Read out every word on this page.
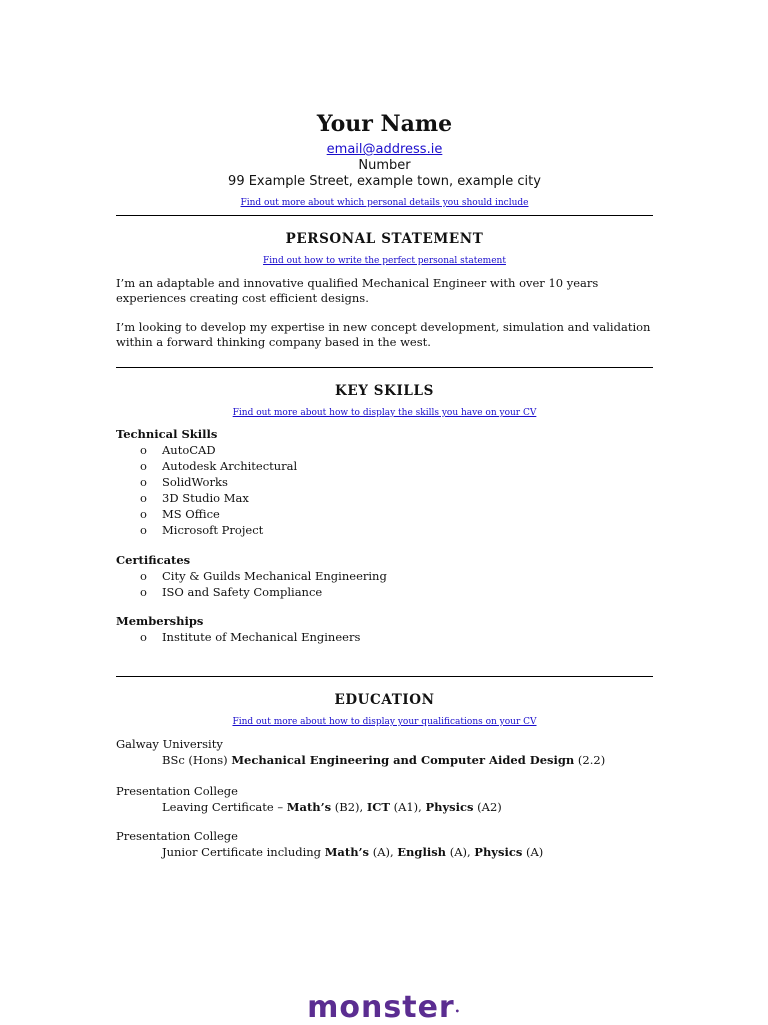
Your Name
email@address.ie
Number
99 Example Street, example town, example city
Find out more about which personal details you should include
PERSONAL STATEMENT
Find out how to write the perfect personal statement
I’m an adaptable and innovative qualified Mechanical Engineer with over 10 years experiences creating cost efficient designs.
I’m looking to develop my expertise in new concept development, simulation and validation within a forward thinking company based in the west.
KEY SKILLS
Find out more about how to display the skills you have on your CV
Technical Skills
o AutoCAD
o Autodesk Architectural
o SolidWorks
o 3D Studio Max
o MS Office
o Microsoft Project
Certificates
o City & Guilds Mechanical Engineering
o ISO and Safety Compliance
Memberships
o Institute of Mechanical Engineers
EDUCATION
Find out more about how to display your qualifications on your CV
Galway University
BSc (Hons) Mechanical Engineering and Computer Aided Design (2.2)
Presentation College
Leaving Certificate – Math’s (B2), ICT (A1), Physics (A2)
Presentation College
Junior Certificate including Math’s (A), English (A), Physics (A)
monster•
